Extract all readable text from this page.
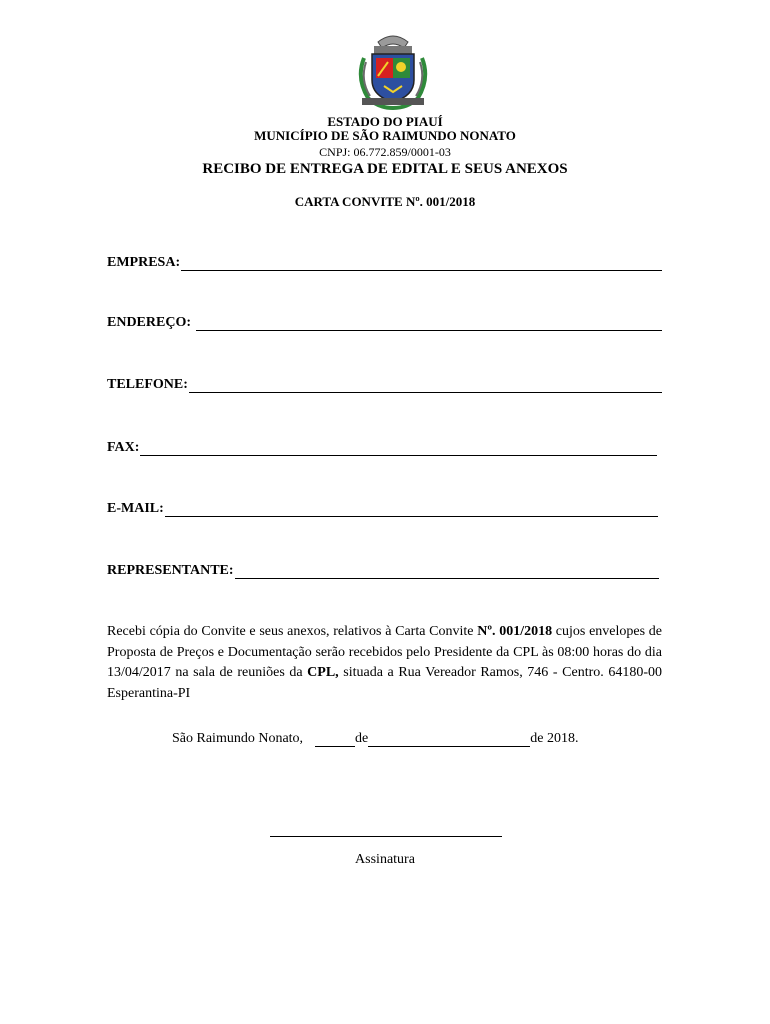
ESTADO DO PIAUÍ
MUNICÍPIO DE SÃO RAIMUNDO NONATO
CNPJ: 06.772.859/0001-03
RECIBO DE ENTREGA DE EDITAL E SEUS ANEXOS
CARTA CONVITE Nº. 001/2018
EMPRESA:
ENDEREÇO:
TELEFONE:
FAX:
E-MAIL:
REPRESENTANTE:
Recebi cópia do Convite e seus anexos, relativos à Carta Convite Nº. 001/2018 cujos envelopes de Proposta de Preços e Documentação serão recebidos pelo Presidente da CPL às 08:00 horas do dia 13/04/2017 na sala de reuniões da CPL, situada a Rua Vereador Ramos, 746 - Centro. 64180-00 Esperantina-PI
São Raimundo Nonato,	de	de 2018.
Assinatura
